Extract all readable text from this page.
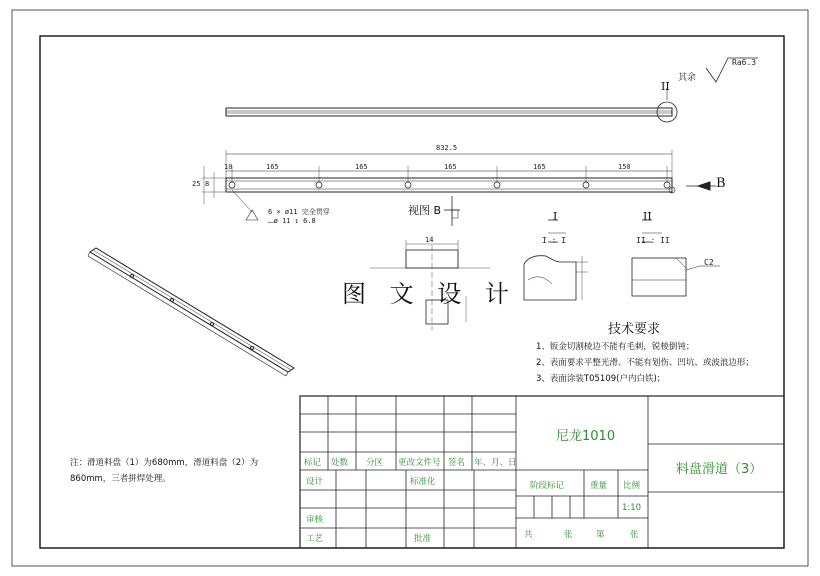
其余
Ra6.3
II
832.5
10	165	165	165	165	150
25 8
6 × ø11 完全贯穿
⌴ø 11 ↧ 6.8
B
视图 B
14
I
I : I
II
II : II
C2
图 文 设 计
技术要求
1、钣金切割棱边不能有毛刺，锐棱倒钝；
2、表面要求平整光滑、不能有划伤、凹坑、或波浪边形；
3、表面涂装T05109(户内白铁)；
注：滑道料盘（1）为680mm，滑道料盘（2）为
860mm，三者拼焊处理。
标记 处数 分区 更改文件号 签名 年、月、日
设计	标准化
审核
工艺	批准
尼龙1010
料盘滑道（3）
阶段标记	重量 比例
1:10
共	张	第	张
